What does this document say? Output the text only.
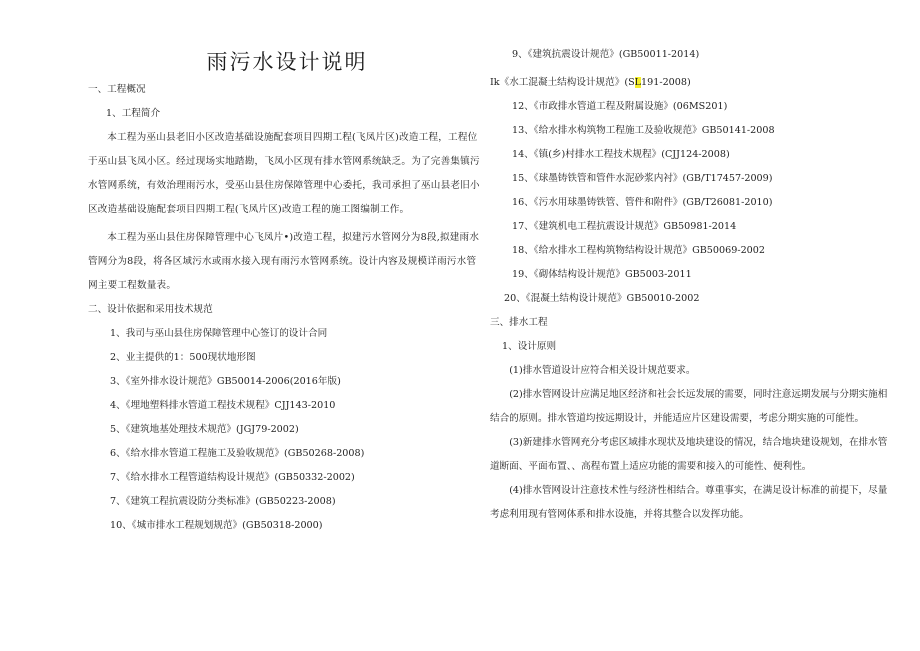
雨污水设计说明

一、工程概况

1、工程简介

本工程为巫山县老旧小区改造基础设施配套项目四期工程(飞凤片区)改造工程，工程位于巫山县飞凤小区。经过现场实地踏勘，飞凤小区现有排水管网系统缺乏。为了完善集镇污水管网系统，有效治理雨污水，受巫山县住房保障管理中心委托，我司承担了巫山县老旧小区改造基础设施配套项目四期工程(飞凤片区)改造工程的施工图编制工作。

本工程为巫山县住房保障管理中心飞凤片•)改造工程，拟建污水管网分为8段,拟建雨水管网分为8段，将各区域污水或雨水接入现有雨污水管网系统。设计内容及规模详雨污水管网主要工程数量表。

二、设计依据和采用技术规范

1、我司与巫山县住房保障管理中心签订的设计合同

2、业主提供的1：500现状地形图

3、《室外排水设计规范》GB50014-2006(2016年版)

4、《埋地塑料排水管道工程技术规程》CJJ143-2010

5、《建筑地基处理技术规范》(JGJ79-2002)

6、《给水排水管道工程施工及验收规范》(GB50268-2008)

7、《给水排水工程管道结构设计规范》(GB50332-2002)

7、《建筑工程抗震设防分类标准》(GB50223-2008)

10、《城市排水工程规划规范》(GB50318-2000)

9、《建筑抗震设计规范》(GB50011-2014)

Ik《水工混凝土结构设计规范》(SL191-2008)

12、《市政排水管道工程及附属设施》(06MS201)

13、《给水排水构筑物工程施工及验收规范》GB50141-2008

14、《镇(乡)村排水工程技术规程》(CJJ124-2008)

15、《球墨铸铁管和管件水泥砂浆内衬》(GB/T17457-2009)

16、《污水用球墨铸铁管、管件和附件》(GB/T26081-2010)

17、《建筑机电工程抗震设计规范》GB50981-2014

18、《给水排水工程构筑物结构设计规范》GB50069-2002

19、《砌体结构设计规范》GB5003-2011

20、《混凝土结构设计规范》GB50010-2002

三、排水工程

1、设计原则

(1)排水管道设计应符合相关设计规范要求。

(2)排水管网设计应满足地区经济和社会长远发展的需要，同时注意远期发展与分期实施相结合的原则。排水管道均按远期设计，并能适应片区建设需要，考虑分期实施的可能性。

(3)新建排水管网充分考虑区域排水现状及地块建设的情况，结合地块建设规划，在排水管道断面、平面布置、、高程布置上适应功能的需要和接入的可能性、便利性。

(4)排水管网设计注意技术性与经济性相结合。尊重事实，在满足设计标准的前提下，尽量考虑利用现有管网体系和排水设施，并将其整合以发挥功能。
